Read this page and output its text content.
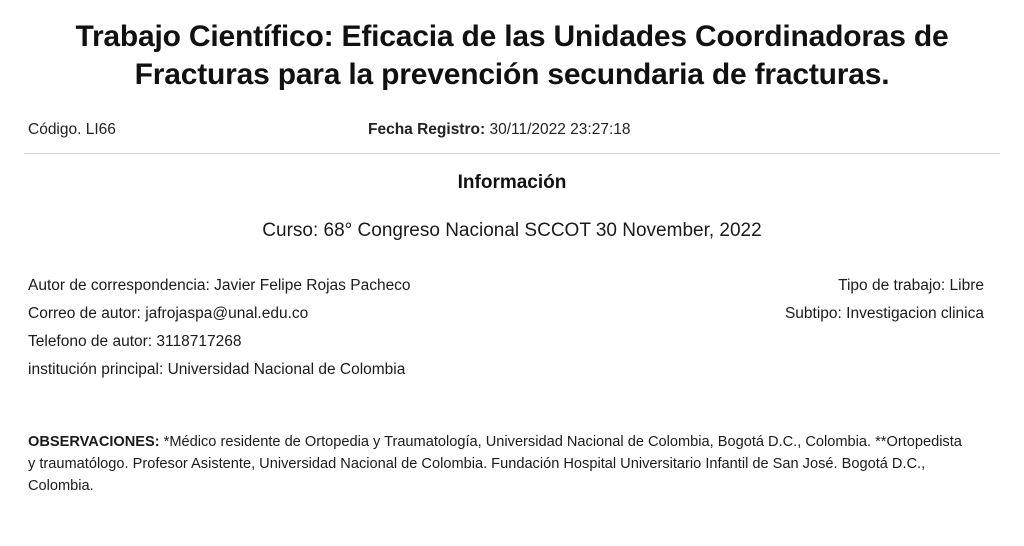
Trabajo Científico: Eficacia de las Unidades Coordinadoras de Fracturas para la prevención secundaria de fracturas.
Código. LI66	Fecha Registro: 30/11/2022 23:27:18
Información
Curso: 68° Congreso Nacional SCCOT 30 November, 2022
Autor de correspondencia: Javier Felipe Rojas Pacheco
Correo de autor: jafrojaspa@unal.edu.co
Telefono de autor: 3118717268
institución principal: Universidad Nacional de Colombia
Tipo de trabajo: Libre
Subtipo: Investigacion clinica
OBSERVACIONES: *Médico residente de Ortopedia y Traumatología, Universidad Nacional de Colombia, Bogotá D.C., Colombia. **Ortopedista y traumatólogo. Profesor Asistente, Universidad Nacional de Colombia. Fundación Hospital Universitario Infantil de San José. Bogotá D.C., Colombia.
